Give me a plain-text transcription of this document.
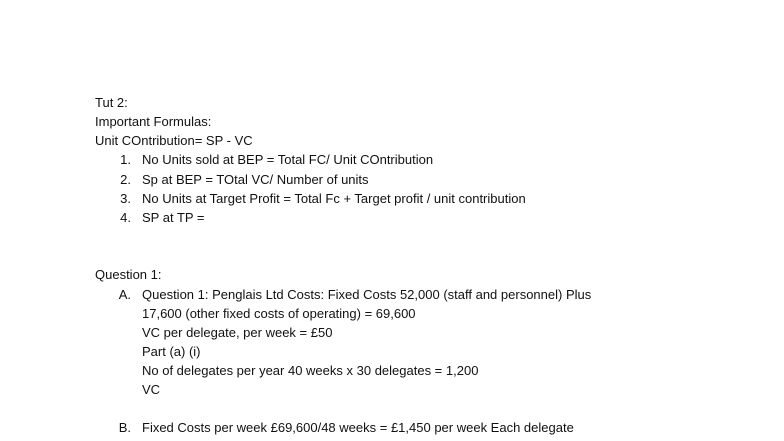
Tut 2:
Important Formulas:
Unit COntribution= SP - VC
1. No Units sold at BEP = Total FC/ Unit COntribution
2. Sp at BEP = TOtal VC/ Number of units
3. No Units at Target Profit = Total Fc + Target profit / unit contribution
4. SP at TP =
Question 1:
A. Question 1: Penglais Ltd Costs: Fixed Costs 52,000 (staff and personnel) Plus
17,600 (other fixed costs of operating) = 69,600
VC per delegate, per week = £50
Part (a) (i)
No of delegates per year 40 weeks x 30 delegates = 1,200
VC
B. Fixed Costs per week £69,600/48 weeks = £1,450 per week Each delegate
